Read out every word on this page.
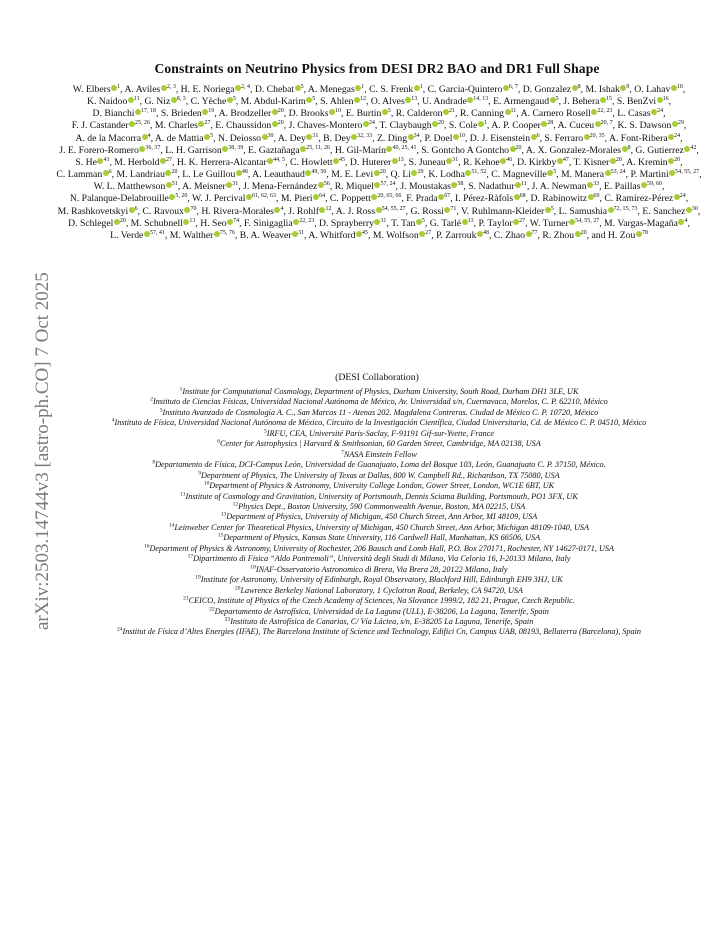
arXiv:2503.14744v3 [astro-ph.CO] 7 Oct 2025
Constraints on Neutrino Physics from DESI DR2 BAO and DR1 Full Shape
W. Elbers $^1$, A. Aviles $^{2, 3}$, H. E. Noriega $^{2, 4}$, D. Chebat $^5$, A. Menegas $^1$, C. S. Frenk $^1$, C. Garcia-Quintero $^{6, 7}$, D. Gonzalez $^8$, M. Ishak $^9$, O. Lahav $^{10}$, K. Naidoo $^{11}$, G. Niz $^{8, 3}$, C. Yèche $^5$, M. Abdul-Karim $^5$, S. Ahlen $^{12}$, O. Alves $^{13}$, U. Andrade $^{14, 13}$, E. Armengaud $^5$, J. Behera $^{15}$, S. BenZvi $^{16}$, D. Bianchi $^{17, 18}$, S. Brieden $^{19}$, A. Brodzeller $^{20}$, D. Brooks $^{10}$, E. Burtin $^5$, R. Calderon $^{21}$, R. Canning $^{11}$, A. Carnero Rosell $^{22, 23}$, L. Casas $^{24}$, F. J. Castander $^{25, 26}$, M. Charles $^{27}$, E. Chaussidon $^{20}$, J. Chaves-Montero $^{24}$, T. Claybaugh $^{20}$, S. Cole $^1$, A. P. Cooper $^{28}$, A. Cuceu $^{20, 7}$, K. S. Dawson $^{29}$, A. de la Macorra $^4$, A. de Mattia $^5$, N. Deiosso $^{30}$, A. Dey $^{31}$, B. Dey $^{32, 33}$, Z. Ding $^{34}$, P. Doel $^{10}$, D. J. Eisenstein $^6$, S. Ferraro $^{20, 35}$, A. Font-Ribera $^{24}$, J. E. Forero-Romero $^{36, 37}$, L. H. Garrison $^{38, 39}$, E. Gaztañaga $^{25, 11, 26}$, H. Gil-Marín $^{40, 25, 41}$, S. Gontcho A Gontcho $^{20}$, A. X. Gonzalez-Morales $^8$, G. Gutierrez $^{42}$, S. He $^{43}$, M. Herbold $^{27}$, H. K. Herrera-Alcantar $^{44, 5}$, C. Howlett $^{45}$, D. Huterer $^{13}$, S. Juneau $^{31}$, R. Kehoe $^{46}$, D. Kirkby $^{47}$, T. Kisner $^{20}$, A. Kremin $^{20}$, C. Lamman $^6$, M. Landriau $^{20}$, L. Le Guillou $^{48}$, A. Leauthaud $^{49, 50}$, M. E. Levi $^{20}$, Q. Li $^{29}$, K. Lodha $^{51, 52}$, C. Magneville $^5$, M. Manera $^{53, 24}$, P. Martini $^{54, 55, 27}$, W. L. Matthewson $^{51}$, A. Meisner $^{31}$, J. Mena-Fernández $^{56}$, R. Miquel $^{57, 24}$, J. Moustakas $^{58}$, S. Nadathur $^{11}$, J. A. Newman $^{33}$, E. Paillas $^{59, 60}$, N. Palanque-Delabrouille $^{5, 20}$, W. J. Percival $^{61, 62, 63}$, M. Pieri $^{64}$, C. Poppett $^{20, 65, 66}$, F. Prada $^{67}$, I. Pérez-Ràfols $^{68}$, D. Rabinowitz $^{69}$, C. Ramírez-Pérez $^{24}$, M. Rashkovetskyi $^6$, C. Ravoux $^{70}$, H. Rivera-Morales $^4$, J. Rohlf $^{12}$, A. J. Ross $^{54, 55, 27}$, G. Rossi $^{71}$, V. Ruhlmann-Kleider $^5$, L. Samushia $^{72, 15, 73}$, E. Sanchez $^{30}$, D. Schlegel $^{20}$, M. Schubnell $^{13}$, H. Seo $^{74}$, F. Sinigaglia $^{22, 23}$, D. Sprayberry $^{31}$, T. Tan $^5$, G. Tarlé $^{13}$, P. Taylor $^{27}$, W. Turner $^{54, 55, 27}$, M. Vargas-Magaña $^4$, L. Verde $^{57, 41}$, M. Walther $^{75, 76}$, B. A. Weaver $^{31}$, A. Whitford $^{45}$, M. Wolfson $^{27}$, P. Zarrouk $^{48}$, C. Zhao $^{77}$, R. Zhou $^{20}$, and H. Zou $^{78}$
(DESI Collaboration)
$^1$Institute for Computational Cosmology, Department of Physics, Durham University, South Road, Durham DH1 3LE, UK
$^2$Instituto de Ciencias Físicas, Universidad Nacional Autónoma de México, Av. Universidad s/n, Cuernavaca, Morelos, C. P. 62210, México
$^3$Instituto Avanzado de Cosmología A. C., San Marcos 11 - Atenas 202. Magdalena Contreras. Ciudad de México C. P. 10720, México
$^4$Instituto de Física, Universidad Nacional Autónoma de México, Circuito de la Investigación Científica, Ciudad Universitaria, Cd. de México C. P. 04510, México
$^5$IRFU, CEA, Université Paris-Saclay, F-91191 Gif-sur-Yvette, France
$^6$Center for Astrophysics | Harvard & Smithsonian, 60 Garden Street, Cambridge, MA 02138, USA
$^7$NASA Einstein Fellow
$^8$Departamento de Física, DCI-Campus León, Universidad de Guanajuato, Loma del Bosque 103, León, Guanajuato C. P. 37150, México.
$^9$Department of Physics, The University of Texas at Dallas, 800 W. Campbell Rd., Richardson, TX 75080, USA
$^{10}$Department of Physics & Astronomy, University College London, Gower Street, London, WC1E 6BT, UK
$^{11}$Institute of Cosmology and Gravitation, University of Portsmouth, Dennis Sciama Building, Portsmouth, PO1 3FX, UK
$^{12}$Physics Dept., Boston University, 590 Commonwealth Avenue, Boston, MA 02215, USA
$^{13}$Department of Physics, University of Michigan, 450 Church Street, Ann Arbor, MI 48109, USA
$^{14}$Leinweber Center for Theoretical Physics, University of Michigan, 450 Church Street, Ann Arbor, Michigan 48109-1040, USA
$^{15}$Department of Physics, Kansas State University, 116 Cardwell Hall, Manhattan, KS 66506, USA
$^{16}$Department of Physics & Astronomy, University of Rochester, 206 Bausch and Lomb Hall, P.O. Box 270171, Rochester, NY 14627-0171, USA
$^{17}$Dipartimento di Fisica “Aldo Pontremoli”, Università degli Studi di Milano, Via Celoria 16, I-20133 Milano, Italy
$^{18}$INAF-Osservatorio Astronomico di Brera, Via Brera 28, 20122 Milano, Italy
$^{19}$Institute for Astronomy, University of Edinburgh, Royal Observatory, Blackford Hill, Edinburgh EH9 3HJ, UK
$^{20}$Lawrence Berkeley National Laboratory, 1 Cyclotron Road, Berkeley, CA 94720, USA
$^{21}$CEICO, Institute of Physics of the Czech Academy of Sciences, Na Slovance 1999/2, 182 21, Prague, Czech Republic.
$^{22}$Departamento de Astrofísica, Universidad de La Laguna (ULL), E-38206, La Laguna, Tenerife, Spain
$^{23}$Instituto de Astrofísica de Canarias, C/ Vía Láctea, s/n, E-38205 La Laguna, Tenerife, Spain
$^{24}$Institut de Física d’Altes Energies (IFAE), The Barcelona Institute of Science and Technology, Edifici Cn, Campus UAB, 08193, Bellaterra (Barcelona), Spain
